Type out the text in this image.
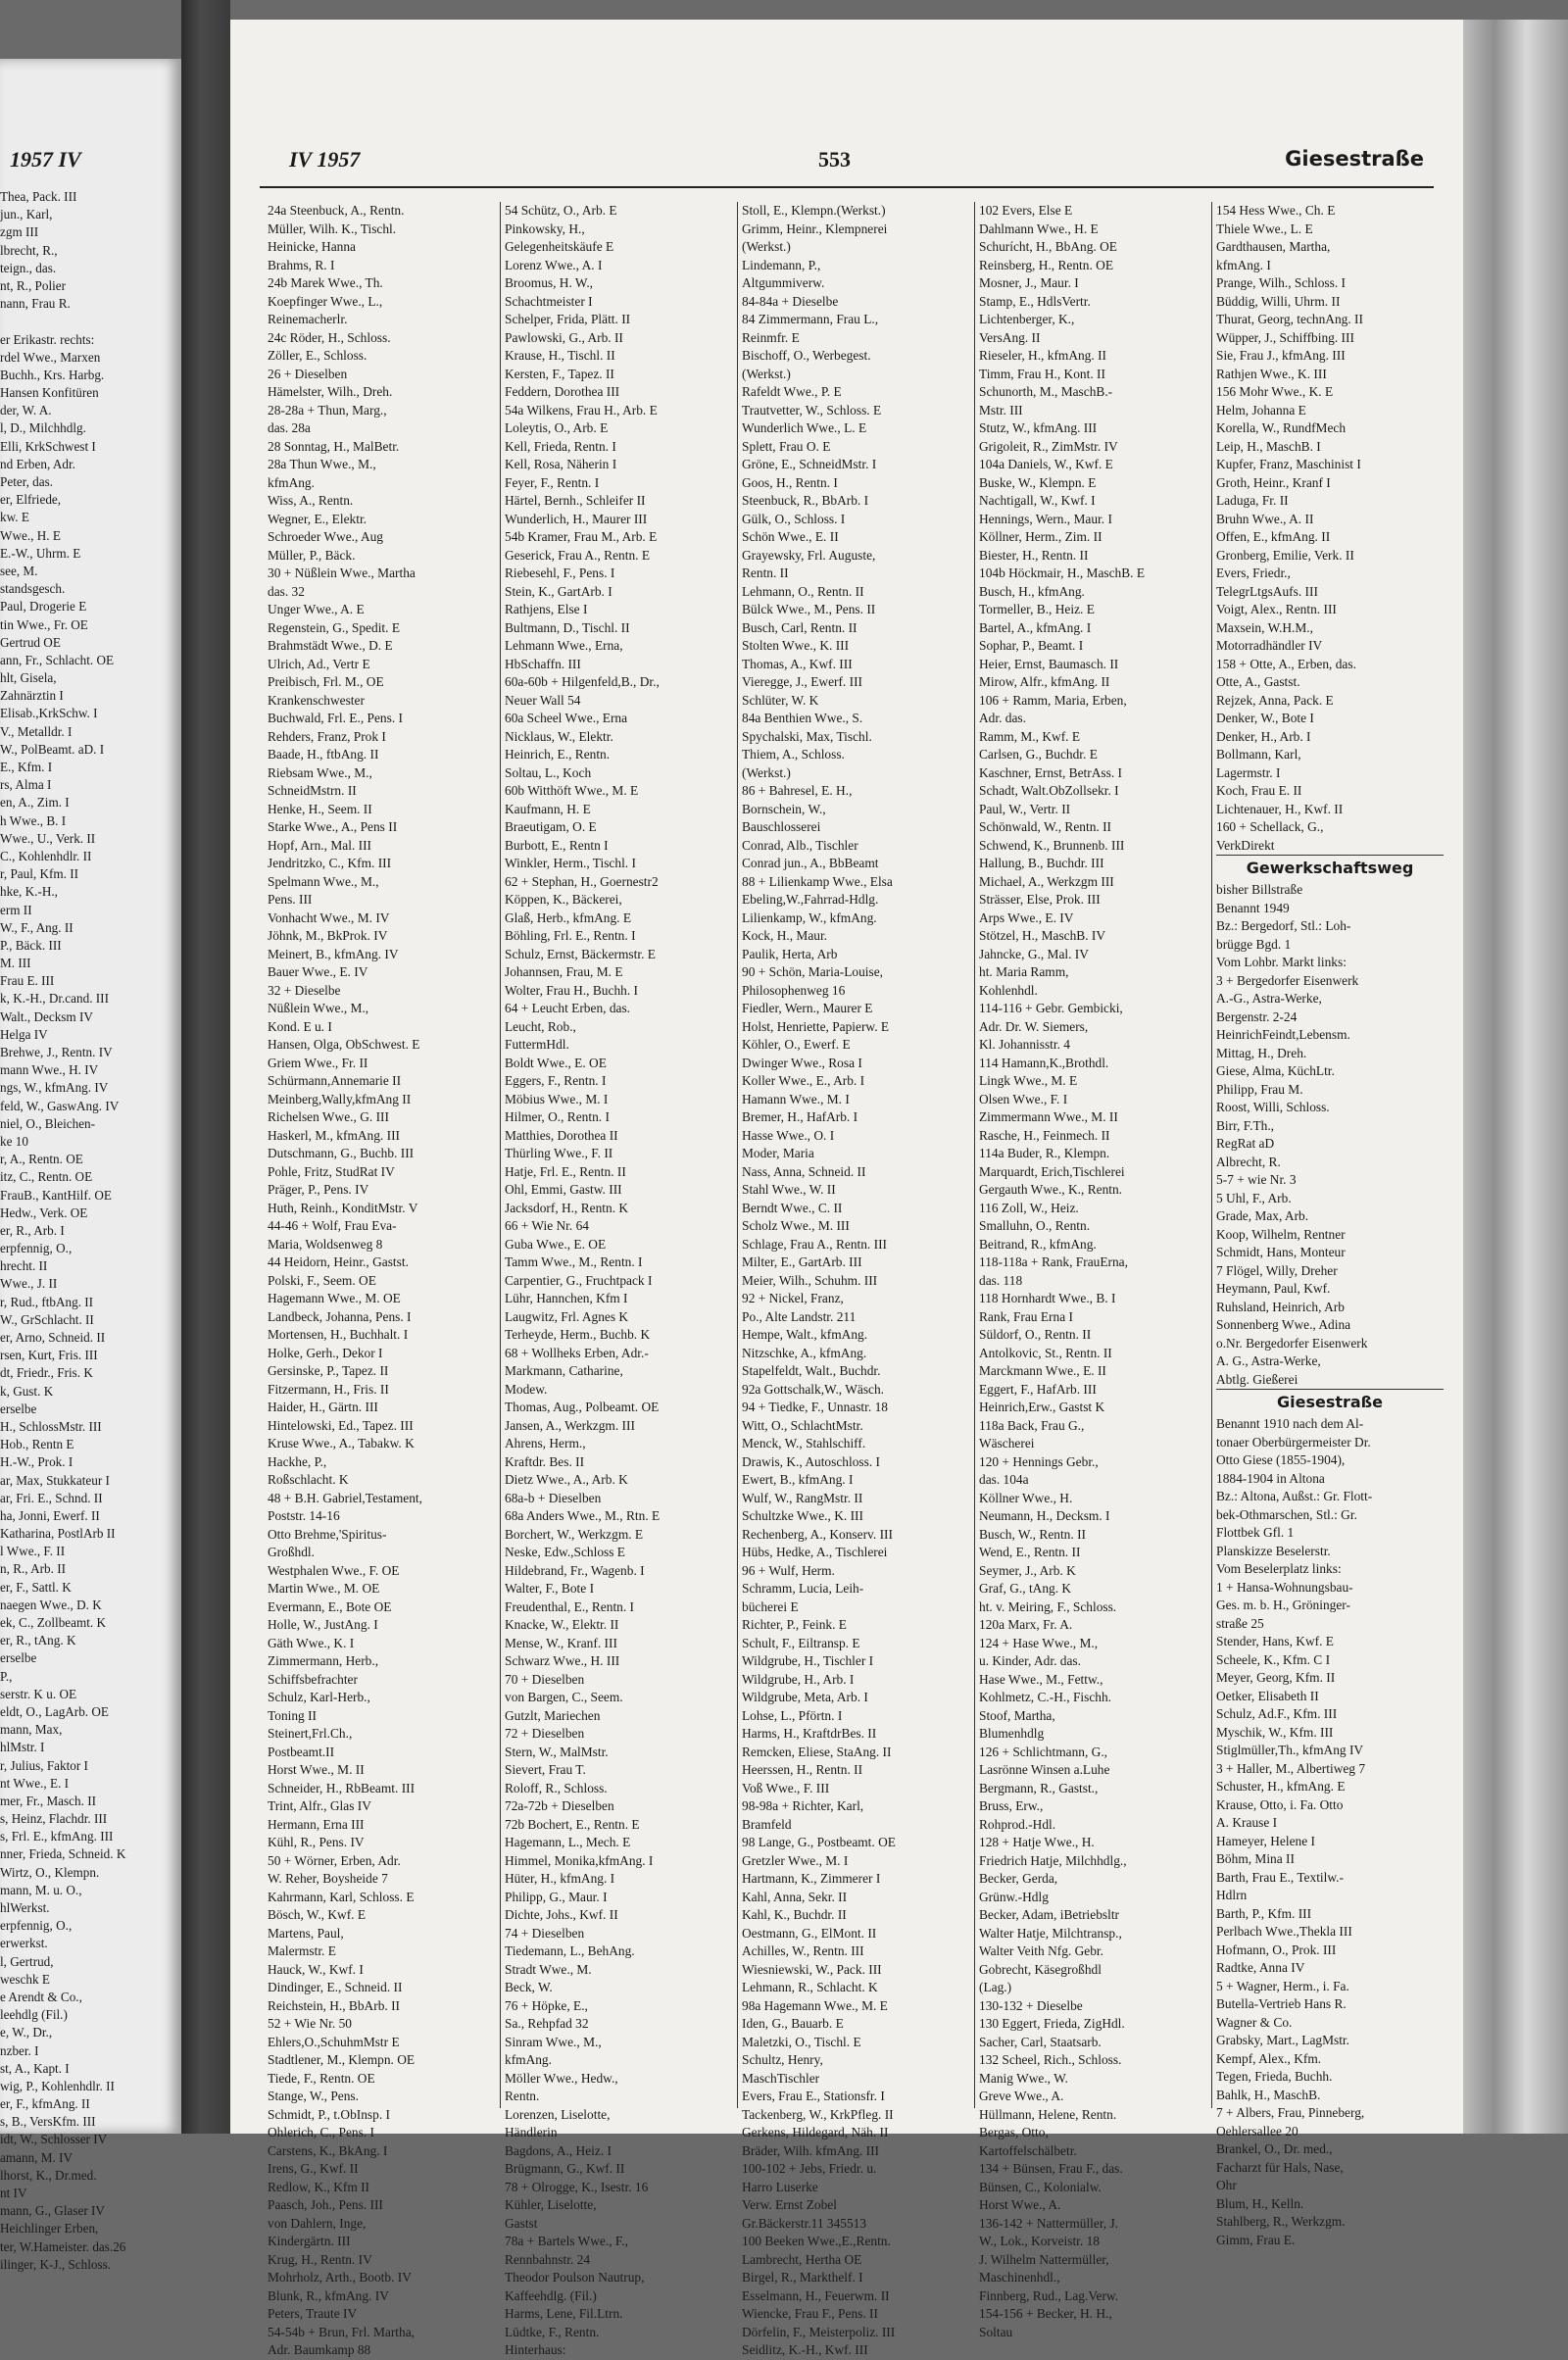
1957 IV
Thea, Pack. III
jun., Karl,
zgm III
lbrecht, R.,
teign., das.
nt, R., Polier
nann, Frau R.
er Erikastr. rechts:
rdel Wwe., Marxen
Buchh., Krs. Harbg.
Hansen Konfitüren
der, W. A.
l, D., Milchhdlg.
Elli, KrkSchwest I
nd Erben, Adr.
Peter, das.
er, Elfriede,
kw. E
Wwe., H. E
E.-W., Uhrm. E
see, M.
standsgesch.
Paul, Drogerie E
tin Wwe., Fr. OE
Gertrud OE
ann, Fr., Schlacht. OE
hlt, Gisela,
Zahnärztin I
Elisab.,KrkSchw. I
V., Metalldr. I
W., PolBeamt. aD. I
E., Kfm. I
rs, Alma I
en, A., Zim. I
h Wwe., B. I
Wwe., U., Verk. II
C., Kohlenhdlr. II
r, Paul, Kfm. II
hke, K.-H.,
erm II
W., F., Ang. II
P., Bäck. III
M. III
Frau E. III
k, K.-H., Dr.cand. III
Walt., Decksm IV
Helga IV
Brehwe, J., Rentn. IV
mann Wwe., H. IV
ngs, W., kfmAng. IV
feld, W., GaswAng. IV
niel, O., Bleichen-
ke 10
r, A., Rentn. OE
itz, C., Rentn. OE
FrauB., KantHilf. OE
Hedw., Verk. OE
er, R., Arb. I
erpfennig, O.,
hrecht. II
Wwe., J. II
r, Rud., ftbAng. II
W., GrSchlacht. II
er, Arno, Schneid. II
rsen, Kurt, Fris. III
dt, Friedr., Fris. K
k, Gust. K
erselbe
H., SchlossMstr. III
Hob., Rentn E
H.-W., Prok. I
ar, Max, Stukkateur I
ar, Fri. E., Schnd. II
ha, Jonni, Ewerf. II
Katharina, PostlArb II
l Wwe., F. II
n, R., Arb. II
er, F., Sattl. K
naegen Wwe., D. K
ek, C., Zollbeamt. K
er, R., tAng. K
erselbe
P.,
serstr. K u. OE
eldt, O., LagArb. OE
mann, Max,
hlMstr. I
r, Julius, Faktor I
nt Wwe., E. I
mer, Fr., Masch. II
s, Heinz, Flachdr. III
s, Frl. E., kfmAng. III
nner, Frieda, Schneid. K
Wirtz, O., Klempn.
mann, M. u. O.,
hlWerkst.
erpfennig, O.,
erwerkst.
l, Gertrud,
weschk E
e Arendt & Co.,
leehdlg (Fil.)
e, W., Dr.,
nzber. I
st, A., Kapt. I
wig, P., Kohlenhdlr. II
er, F., kfmAng. II
s, B., VersKfm. III
idt, W., Schlosser IV
amann, M. IV
lhorst, K., Dr.med.
nt IV
mann, G., Glaser IV
Heichlinger Erben,
ter, W.Hameister. das.26
ilinger, K-J., Schloss.
IV 1957	553	Giesestraße
24a Steenbuck, A., Rentn.
Müller, Wilh. K., Tischl.
Heinicke, Hanna
Brahms, R. I
24b Marek Wwe., Th.
Koepfinger Wwe., L.,
Reinemacherlr.
24c Röder, H., Schloss.
Zöller, E., Schloss.
26 + Dieselben
Hämelster, Wilh., Dreh.
28-28a + Thun, Marg.,
das. 28a
28 Sonntag, H., MalBetr.
28a Thun Wwe., M.,
kfmAng.
Wiss, A., Rentn.
Wegner, E., Elektr.
Schroeder Wwe., Aug
Müller, P., Bäck.
30 + Nüßlein Wwe., Martha
das. 32
Unger Wwe., A. E
Regenstein, G., Spedit. E
Brahmstädt Wwe., D. E
Ulrich, Ad., Vertr E
Preibisch, Frl. M., OE
Krankenschwester
Buchwald, Frl. E., Pens. I
Rehders, Franz, Prok I
Baade, H., ftbAng. II
Riebsam Wwe., M.,
SchneidMstrn. II
Henke, H., Seem. II
Starke Wwe., A., Pens II
Hopf, Arn., Mal. III
Jendritzko, C., Kfm. III
Spelmann Wwe., M.,
Pens. III
Vonhacht Wwe., M. IV
Jöhnk, M., BkProk. IV
Meinert, B., kfmAng. IV
Bauer Wwe., E. IV
32 + Dieselbe
Nüßlein Wwe., M.,
Kond. E u. I
Hansen, Olga, ObSchwest. E
Griem Wwe., Fr. II
Schürmann,Annemarie II
Meinberg,Wally,kfmAng II
Richelsen Wwe., G. III
Haskerl, M., kfmAng. III
Dutschmann, G., Buchb. III
Pohle, Fritz, StudRat IV
Präger, P., Pens. IV
Huth, Reinh., KonditMstr. V
44-46 + Wolf, Frau Eva-
Maria, Woldsenweg 8
44 Heidorn, Heinr., Gastst.
Polski, F., Seem. OE
Hagemann Wwe., M. OE
Landbeck, Johanna, Pens. I
Mortensen, H., Buchhalt. I
Holke, Gerh., Dekor I
Gersinske, P., Tapez. II
Fitzermann, H., Fris. II
Haider, H., Gärtn. III
Hintelowski, Ed., Tapez. III
Kruse Wwe., A., Tabakw. K
Hackhe, P.,
Roßschlacht. K
48 + B.H. Gabriel,Testament,
Poststr. 14-16
Otto Brehme,'Spiritus-
Großhdl.
Westphalen Wwe., F. OE
Martin Wwe., M. OE
Evermann, E., Bote OE
Holle, W., JustAng. I
Gäth Wwe., K. I
Zimmermann, Herb.,
Schiffsbefrachter
Schulz, Karl-Herb.,
Toning II
Steinert,Frl.Ch.,
Postbeamt.II
Horst Wwe., M. II
Schneider, H., RbBeamt. III
Trint, Alfr., Glas IV
Hermann, Erna III
Kühl, R., Pens. IV
50 + Wörner, Erben, Adr.
W. Reher, Boysheide 7
Kahrmann, Karl, Schloss. E
Bösch, W., Kwf. E
Martens, Paul,
Malermstr. E
Hauck, W., Kwf. I
Dindinger, E., Schneid. II
Reichstein, H., BbArb. II
52 + Wie Nr. 50
Ehlers,O.,SchuhmMstr E
Stadtlener, M., Klempn. OE
Tiede, F., Rentn. OE
Stange, W., Pens.
Schmidt, P., t.ObInsp. I
Ohlerich, C., Pens. I
Carstens, K., BkAng. I
Irens, G., Kwf. II
Redlow, K., Kfm II
Paasch, Joh., Pens. III
von Dahlern, Inge,
Kindergärtn. III
Krug, H., Rentn. IV
Mohrholz, Arth., Bootb. IV
Blunk, R., kfmAng. IV
Peters, Traute IV
54-54b + Brun, Frl. Martha,
Adr. Baumkamp 88
54 Schütz, O., Arb. E
Pinkowsky, H.,
Gelegenheitskäufe E
Lorenz Wwe., A. I
Broomus, H. W.,
Schachtmeister I
Schelper, Frida, Plätt. II
Pawlowski, G., Arb. II
Krause, H., Tischl. II
Kersten, F., Tapez. II
Feddern, Dorothea III
54a Wilkens, Frau H., Arb. E
Loleytis, O., Arb. E
Kell, Frieda, Rentn. I
Kell, Rosa, Näherin I
Feyer, F., Rentn. I
Härtel, Bernh., Schleifer II
Wunderlich, H., Maurer III
54b Kramer, Frau M., Arb. E
Geserick, Frau A., Rentn. E
Riebesehl, F., Pens. I
Stein, K., GartArb. I
Rathjens, Else I
Bultmann, D., Tischl. II
Lehmann Wwe., Erna,
HbSchaffn. III
60a-60b + Hilgenfeld,B., Dr.,
Neuer Wall 54
60a Scheel Wwe., Erna
Nicklaus, W., Elektr.
Heinrich, E., Rentn.
Soltau, L., Koch
60b Witthöft Wwe., M. E
Kaufmann, H. E
Braeutigam, O. E
Burbott, E., Rentn I
Winkler, Herm., Tischl. I
62 + Stephan, H., Goernestr2
Köppen, K., Bäckerei,
Glaß, Herb., kfmAng. E
Böhling, Frl. E., Rentn. I
Schulz, Ernst, Bäckermstr. E
Johannsen, Frau, M. E
Wolter, Frau H., Buchh. I
64 + Leucht Erben, das.
Leucht, Rob.,
FuttermHdl.
Boldt Wwe., E. OE
Eggers, F., Rentn. I
Möbius Wwe., M. I
Hilmer, O., Rentn. I
Matthies, Dorothea II
Thürling Wwe., F. II
Hatje, Frl. E., Rentn. II
Ohl, Emmi, Gastw. III
Jacksdorf, H., Rentn. K
66 + Wie Nr. 64
Guba Wwe., E. OE
Tamm Wwe., M., Rentn. I
Carpentier, G., Fruchtpack I
Lühr, Hannchen, Kfm I
Laugwitz, Frl. Agnes K
Terheyde, Herm., Buchb. K
68 + Wollheks Erben, Adr.-
Markmann, Catharine,
Modew.
Thomas, Aug., Polbeamt. OE
Jansen, A., Werkzgm. III
Ahrens, Herm.,
Kraftdr. Bes. II
Dietz Wwe., A., Arb. K
68a-b + Dieselben
68a Anders Wwe., M., Rtn. E
Borchert, W., Werkzgm. E
Neske, Edw.,Schloss E
Hildebrand, Fr., Wagenb. I
Walter, F., Bote I
Freudenthal, E., Rentn. I
Knacke, W., Elektr. II
Mense, W., Kranf. III
Schwarz Wwe., H. III
70 + Dieselben
von Bargen, C., Seem.
Gutzlt, Mariechen
72 + Dieselben
Stern, W., MalMstr.
Sievert, Frau T.
Roloff, R., Schloss.
72a-72b + Dieselben
72b Bochert, E., Rentn. E
Hagemann, L., Mech. E
Himmel, Monika,kfmAng. I
Hüter, H., kfmAng. I
Philipp, G., Maur. I
Dichte, Johs., Kwf. II
74 + Dieselben
Tiedemann, L., BehAng.
Stradt Wwe., M.
Beck, W.
76 + Höpke, E.,
Sa., Rehpfad 32
Sinram Wwe., M.,
kfmAng.
Möller Wwe., Hedw.,
Rentn.
Lorenzen, Liselotte,
Händlerin
Bagdons, A., Heiz. I
Brügmann, G., Kwf. II
78 + Olrogge, K., Isestr. 16
Kühler, Liselotte,
Gastst
78a + Bartels Wwe., F.,
Rennbahnstr. 24
Theodor Poulson Nautrup,
Kaffeehdlg. (Fil.)
Harms, Lene, Fil.Ltrn.
Lüdtke, F., Rentn.
Hinterhaus:
Stoll, E., Klempn.(Werkst.)
Grimm, Heinr., Klempnerei
(Werkst.)
Lindemann, P.,
Altgummiverw.
84-84a + Dieselbe
84 Zimmermann, Frau L.,
Reinmfr. E
Bischoff, O., Werbegest.
(Werkst.)
Rafeldt Wwe., P. E
Trautvetter, W., Schloss. E
Wunderlich Wwe., L. E
Splett, Frau O. E
Gröne, E., SchneidMstr. I
Goos, H., Rentn. I
Steenbuck, R., BbArb. I
Gülk, O., Schloss. I
Schön Wwe., E. II
Grayewsky, Frl. Auguste,
Rentn. II
Lehmann, O., Rentn. II
Bülck Wwe., M., Pens. II
Busch, Carl, Rentn. II
Stolten Wwe., K. III
Thomas, A., Kwf. III
Vieregge, J., Ewerf. III
Schlüter, W. K
84a Benthien Wwe., S.
Spychalski, Max, Tischl.
Thiem, A., Schloss.
(Werkst.)
86 + Bahresel, E. H.,
Bornschein, W.,
Bauschlosserei
Conrad, Alb., Tischler
Conrad jun., A., BbBeamt
88 + Lilienkamp Wwe., Elsa
Ebeling,W.,Fahrrad-Hdlg.
Lilienkamp, W., kfmAng.
Kock, H., Maur.
Paulik, Herta, Arb
90 + Schön, Maria-Louise,
Philosophenweg 16
Fiedler, Wern., Maurer E
Holst, Henriette, Papierw. E
Köhler, O., Ewerf. E
Dwinger Wwe., Rosa I
Koller Wwe., E., Arb. I
Hamann Wwe., M. I
Bremer, H., HafArb. I
Hasse Wwe., O. I
Moder, Maria
Nass, Anna, Schneid. II
Stahl Wwe., W. II
Berndt Wwe., C. II
Scholz Wwe., M. III
Schlage, Frau A., Rentn. III
Milter, E., GartArb. III
Meier, Wilh., Schuhm. III
92 + Nickel, Franz,
Po., Alte Landstr. 211
Hempe, Walt., kfmAng.
Nitzschke, A., kfmAng.
Stapelfeldt, Walt., Buchdr.
92a Gottschalk,W., Wäsch.
94 + Tiedke, F., Unnastr. 18
Witt, O., SchlachtMstr.
Menck, W., Stahlschiff.
Drawis, K., Autoschloss. I
Ewert, B., kfmAng. I
Wulf, W., RangMstr. II
Schultzke Wwe., K. III
Rechenberg, A., Konserv. III
Hübs, Hedke, A., Tischlerei
96 + Wulf, Herm.
Schramm, Lucia, Leih-
bücherei E
Richter, P., Feink. E
Schult, F., Eiltransp. E
Wildgrube, H., Tischler I
Wildgrube, H., Arb. I
Wildgrube, Meta, Arb. I
Lohse, L., Pförtn. I
Harms, H., KraftdrBes. II
Remcken, Eliese, StaAng. II
Heerssen, H., Rentn. II
Voß Wwe., F. III
98-98a + Richter, Karl,
Bramfeld
98 Lange, G., Postbeamt. OE
Gretzler Wwe., M. I
Hartmann, K., Zimmerer I
Kahl, Anna, Sekr. II
Kahl, K., Buchdr. II
Oestmann, G., ElMont. II
Achilles, W., Rentn. III
Wiesniewski, W., Pack. III
Lehmann, R., Schlacht. K
98a Hagemann Wwe., M. E
Iden, G., Bauarb. E
Maletzki, O., Tischl. E
Schultz, Henry,
MaschTischler
Evers, Frau E., Stationsfr. I
Tackenberg, W., KrkPfleg. II
Gerkens, Hildegard, Näh. II
Bräder, Wilh. kfmAng. III
100-102 + Jebs, Friedr. u.
Harro Luserke
Verw. Ernst Zobel
Gr.Bäckerstr.11 345513
100 Beeken Wwe.,E.,Rentn.
Lambrecht, Hertha OE
Birgel, R., Markthelf. I
Esselmann, H., Feuerwm. II
Wiencke, Frau F., Pens. II
Dörfelin, F., Meisterpoliz. III
Seidlitz, K.-H., Kwf. III
102 Evers, Else E
Dahlmann Wwe., H. E
Schurícht, H., BbAng. OE
Reinsberg, H., Rentn. OE
Mosner, J., Maur. I
Stamp, E., HdlsVertr.
Lichtenberger, K.,
VersAng. II
Rieseler, H., kfmAng. II
Timm, Frau H., Kont. II
Schunorth, M., MaschB.-
Mstr. III
Stutz, W., kfmAng. III
Grigoleit, R., ZimMstr. IV
104a Daniels, W., Kwf. E
Buske, W., Klempn. E
Nachtigall, W., Kwf. I
Hennings, Wern., Maur. I
Köllner, Herm., Zim. II
Biester, H., Rentn. II
104b Höckmair, H., MaschB. E
Busch, H., kfmAng.
Tormeller, B., Heiz. E
Bartel, A., kfmAng. I
Sophar, P., Beamt. I
Heier, Ernst, Baumasch. II
Mirow, Alfr., kfmAng. II
106 + Ramm, Maria, Erben,
Adr. das.
Ramm, M., Kwf. E
Carlsen, G., Buchdr. E
Kaschner, Ernst, BetrAss. I
Schadt, Walt.ObZollsekr. I
Paul, W., Vertr. II
Schönwald, W., Rentn. II
Schwend, K., Brunnenb. III
Hallung, B., Buchdr. III
Michael, A., Werkzgm III
Strässer, Else, Prok. III
Arps Wwe., E. IV
Stötzel, H., MaschB. IV
Jahncke, G., Mal. IV
ht. Maria Ramm,
Kohlenhdl.
114-116 + Gebr. Gembicki,
Adr. Dr. W. Siemers,
Kl. Johannisstr. 4
114 Hamann,K.,Brothdl.
Lingk Wwe., M. E
Olsen Wwe., F. I
Zimmermann Wwe., M. II
Rasche, H., Feinmech. II
114a Buder, R., Klempn.
Marquardt, Erich,Tischlerei
Gergauth Wwe., K., Rentn.
116 Zoll, W., Heiz.
Smalluhn, O., Rentn.
Beitrand, R., kfmAng.
118-118a + Rank, FrauErna,
das. 118
118 Hornhardt Wwe., B. I
Rank, Frau Erna I
Süldorf, O., Rentn. II
Antolkovic, St., Rentn. II
Marckmann Wwe., E. II
Eggert, F., HafArb. III
Heinrich,Erw., Gastst K
118a Back, Frau G.,
Wäscherei
120 + Hennings Gebr.,
das. 104a
Köllner Wwe., H.
Neumann, H., Decksm. I
Busch, W., Rentn. II
Wend, E., Rentn. II
Seymer, J., Arb. K
Graf, G., tAng. K
ht. v. Meiring, F., Schloss.
120a Marx, Fr. A.
124 + Hase Wwe., M.,
u. Kinder, Adr. das.
Hase Wwe., M., Fettw.,
Kohlmetz, C.-H., Fischh.
Stoof, Martha,
Blumenhdlg
126 + Schlichtmann, G.,
Lasrönne Winsen a.Luhe
Bergmann, R., Gastst.,
Bruss, Erw.,
Rohprod.-Hdl.
128 + Hatje Wwe., H.
Friedrich Hatje, Milchhdlg.,
Becker, Gerda,
Grünw.-Hdlg
Becker, Adam, iBetriebsltr
Walter Hatje, Milchtransp.,
Walter Veith Nfg. Gebr.
Gobrecht, Käsegroßhdl
(Lag.)
130-132 + Dieselbe
130 Eggert, Frieda, ZigHdl.
Sacher, Carl, Staatsarb.
132 Scheel, Rich., Schloss.
Manig Wwe., W.
Greve Wwe., A.
Hüllmann, Helene, Rentn.
Bergas, Otto,
Kartoffelschälbetr.
134 + Bünsen, Frau F., das.
Bünsen, C., Kolonialw.
Horst Wwe., A.
136-142 + Nattermüller, J.
W., Lok., Korveistr. 18
J. Wilhelm Nattermüller,
Maschinenhdl.,
Finnberg, Rud., Lag.Verw.
154-156 + Becker, H. H.,
Soltau
154 Hess Wwe., Ch. E
Thiele Wwe., L. E
Gardthausen, Martha,
kfmAng. I
Prange, Wilh., Schloss. I
Büddig, Willi, Uhrm. II
Thurat, Georg, technAng. II
Wüpper, J., Schiffbing. III
Sie, Frau J., kfmAng. III
Rathjen Wwe., K. III
156 Mohr Wwe., K. E
Helm, Johanna E
Korella, W., RundfMech
Leip, H., MaschB. I
Kupfer, Franz, Maschinist I
Groth, Heinr., Kranf I
Laduga, Fr. II
Bruhn Wwe., A. II
Offen, E., kfmAng. II
Gronberg, Emilie, Verk. II
Evers, Friedr.,
TelegrLtgsAufs. III
Voigt, Alex., Rentn. III
Maxsein, W.H.M.,
Motorradhändler IV
158 + Otte, A., Erben, das.
Otte, A., Gastst.
Rejzek, Anna, Pack. E
Denker, W., Bote I
Denker, H., Arb. I
Bollmann, Karl,
Lagermstr. I
Koch, Frau E. II
Lichtenauer, H., Kwf. II
160 + Schellack, G.,
VerkDirekt
Gewerkschaftsweg
bisher Billstraße
Benannt 1949
Bz.: Bergedorf, Stl.: Loh-
brügge Bgd. 1
Vom Lohbr. Markt links:
3 + Bergedorfer Eisenwerk
A.-G., Astra-Werke,
Bergenstr. 2-24
HeinrichFeindt,Lebensm.
Mittag, H., Dreh.
Giese, Alma, KüchLtr.
Philipp, Frau M.
Roost, Willi, Schloss.
Birr, F.Th.,
RegRat aD
Albrecht, R.
5-7 + wie Nr. 3
5 Uhl, F., Arb.
Grade, Max, Arb.
Koop, Wilhelm, Rentner
Schmidt, Hans, Monteur
7 Flögel, Willy, Dreher
Heymann, Paul, Kwf.
Ruhsland, Heinrich, Arb
Sonnenberg Wwe., Adina
o.Nr. Bergedorfer Eisenwerk
A. G., Astra-Werke,
Abtlg. Gießerei
Giesestraße
Benannt 1910 nach dem Al-
tonaer Oberbürgermeister Dr.
Otto Giese (1855-1904),
1884-1904 in Altona
Bz.: Altona, Außst.: Gr. Flott-
bek-Othmarschen, Stl.: Gr.
Flottbek Gfl. 1
Planskizze Beselerstr.
Vom Beselerplatz links:
1 + Hansa-Wohnungsbau-
Ges. m. b. H., Gröninger-
straße 25
Stender, Hans, Kwf. E
Scheele, K., Kfm. C I
Meyer, Georg, Kfm. II
Oetker, Elisabeth II
Schulz, Ad.F., Kfm. III
Myschik, W., Kfm. III
Stiglmüller,Th., kfmAng IV
3 + Haller, M., Albertiweg 7
Schuster, H., kfmAng. E
Krause, Otto, i. Fa. Otto
A. Krause I
Hameyer, Helene I
Böhm, Mina II
Barth, Frau E., Textilw.-
Hdlrn
Barth, P., Kfm. III
Perlbach Wwe.,Thekla III
Hofmann, O., Prok. III
Radtke, Anna IV
5 + Wagner, Herm., i. Fa.
Butella-Vertrieb Hans R.
Wagner & Co.
Grabsky, Mart., LagMstr.
Kempf, Alex., Kfm.
Tegen, Frieda, Buchh.
Bahlk, H., MaschB.
7 + Albers, Frau, Pinneberg,
Oehlersallee 20
Brankel, O., Dr. med.,
Facharzt für Hals, Nase,
Ohr
Blum, H., Kelln.
Stahlberg, R., Werkzgm.
Gimm, Frau E.
